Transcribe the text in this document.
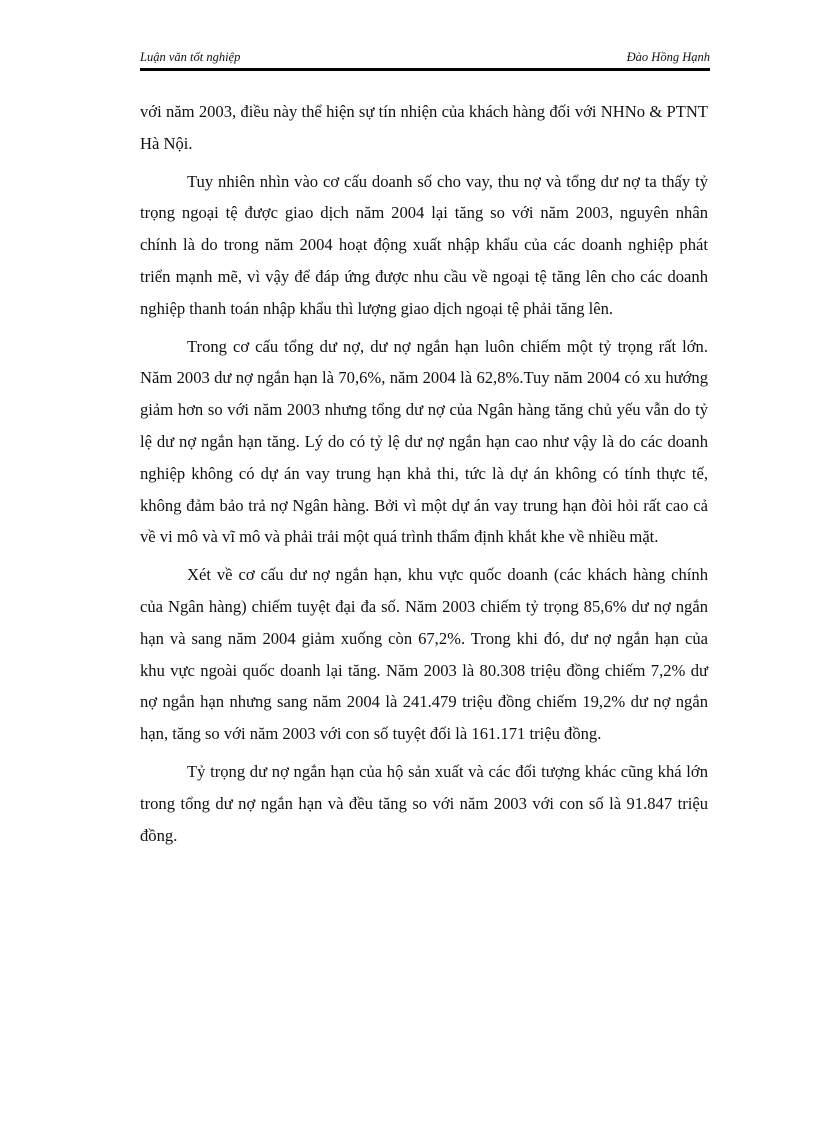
Luận văn tốt nghiệp	Đào Hồng Hạnh

với năm 2003, điều này thể hiện sự tín nhiện của khách hàng đối với NHNo & PTNT Hà Nội.

Tuy nhiên nhìn vào cơ cấu doanh số cho vay, thu nợ và tổng dư nợ ta thấy tỷ trọng ngoại tệ được giao dịch năm 2004 lại tăng so với năm 2003, nguyên nhân chính là do trong năm 2004 hoạt động xuất nhập khẩu của các doanh nghiệp phát triển mạnh mẽ, vì vậy để đáp ứng được nhu cầu về ngoại tệ tăng lên cho các doanh nghiệp thanh toán nhập khẩu thì lượng giao dịch ngoại tệ phải tăng lên.

Trong cơ cấu tổng dư nợ, dư nợ ngắn hạn luôn chiếm một tỷ trọng rất lớn. Năm 2003 dư nợ ngắn hạn là 70,6%, năm 2004 là 62,8%.Tuy năm 2004 có xu hướng giảm hơn so với năm 2003 nhưng tổng dư nợ của Ngân hàng tăng chủ yếu vẫn do tỷ lệ dư nợ ngắn hạn tăng. Lý do có tỷ lệ dư nợ ngắn hạn cao như vậy là do các doanh nghiệp không có dự án vay trung hạn khả thi, tức là dự án không có tính thực tế, không đảm bảo trả nợ Ngân hàng. Bởi vì một dự án vay trung hạn đòi hỏi rất cao cả về vi mô và vĩ mô và phải trải một quá trình thẩm định khắt khe về nhiều mặt.

Xét về cơ cấu dư nợ ngắn hạn, khu vực quốc doanh (các khách hàng chính của Ngân hàng) chiếm tuyệt đại đa số. Năm 2003 chiếm tỷ trọng 85,6% dư nợ ngắn hạn và sang năm 2004 giảm xuống còn 67,2%. Trong khi đó, dư nợ ngắn hạn của khu vực ngoài quốc doanh lại tăng. Năm 2003 là 80.308 triệu đồng chiếm 7,2% dư nợ ngắn hạn nhưng sang năm 2004 là 241.479 triệu đồng chiếm 19,2% dư nợ ngắn hạn, tăng so với năm 2003 với con số tuyệt đối là 161.171 triệu đồng.

Tỷ trọng dư nợ ngắn hạn của hộ sản xuất và các đối tượng khác cũng khá lớn trong tổng dư nợ ngắn hạn và đều tăng so với năm 2003 với con số là 91.847 triệu đồng.
